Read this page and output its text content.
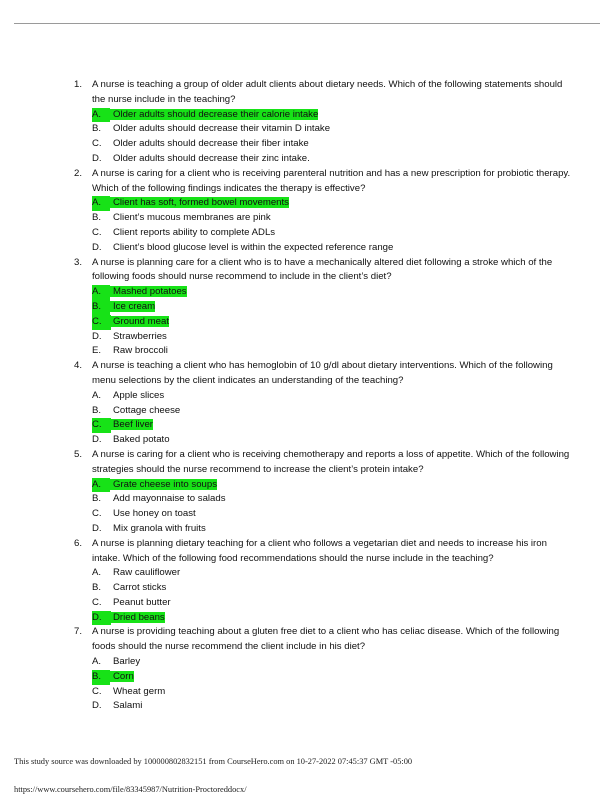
1. A nurse is teaching a group of older adult clients about dietary needs. Which of the following statements should the nurse include in the teaching?
A.	Older adults should decrease their calorie intake
B. Older adults should decrease their vitamin D intake
C. Older adults should decrease their fiber intake
D. Older adults should decrease their zinc intake.
2. A nurse is caring for a client who is receiving parenteral nutrition and has a new prescription for probiotic therapy. Which of the following findings indicates the therapy is effective?
A.	Client has soft, formed bowel movements
B. Client’s mucous membranes are pink
C. Client reports ability to complete ADLs
D. Client’s blood glucose level is within the expected reference range
3. A nurse is planning care for a client who is to have a mechanically altered diet following a stroke which of the following foods should nurse recommend to include in the client’s diet?
A.	Mashed potatoes
B.	Ice cream
C.	Ground meat
D. Strawberries
E. Raw broccoli
4. A nurse is teaching a client who has hemoglobin of 10 g/dl about dietary interventions. Which of the following menu selections by the client indicates an understanding of the teaching?
A. Apple slices
B. Cottage cheese
C.	Beef liver
D. Baked potato
5. A nurse is caring for a client who is receiving chemotherapy and reports a loss of appetite. Which of the following strategies should the nurse recommend to increase the client’s protein intake?
A.	Grate cheese into soups
B. Add mayonnaise to salads
C. Use honey on toast
D. Mix granola with fruits
6. A nurse is planning dietary teaching for a client who follows a vegetarian diet and needs to increase his iron intake. Which of the following food recommendations should the nurse include in the teaching?
A. Raw cauliflower
B. Carrot sticks
C. Peanut butter
D.	Dried beans
7. A nurse is providing teaching about a gluten free diet to a client who has celiac disease. Which of the following foods should the nurse recommend the client include in his diet?
A. Barley
B.	Corn
C. Wheat germ
D. Salami
This study source was downloaded by 100000802832151 from CourseHero.com on 10-27-2022 07:45:37 GMT -05:00
https://www.coursehero.com/file/83345987/Nutrition-Proctoreddocx/
